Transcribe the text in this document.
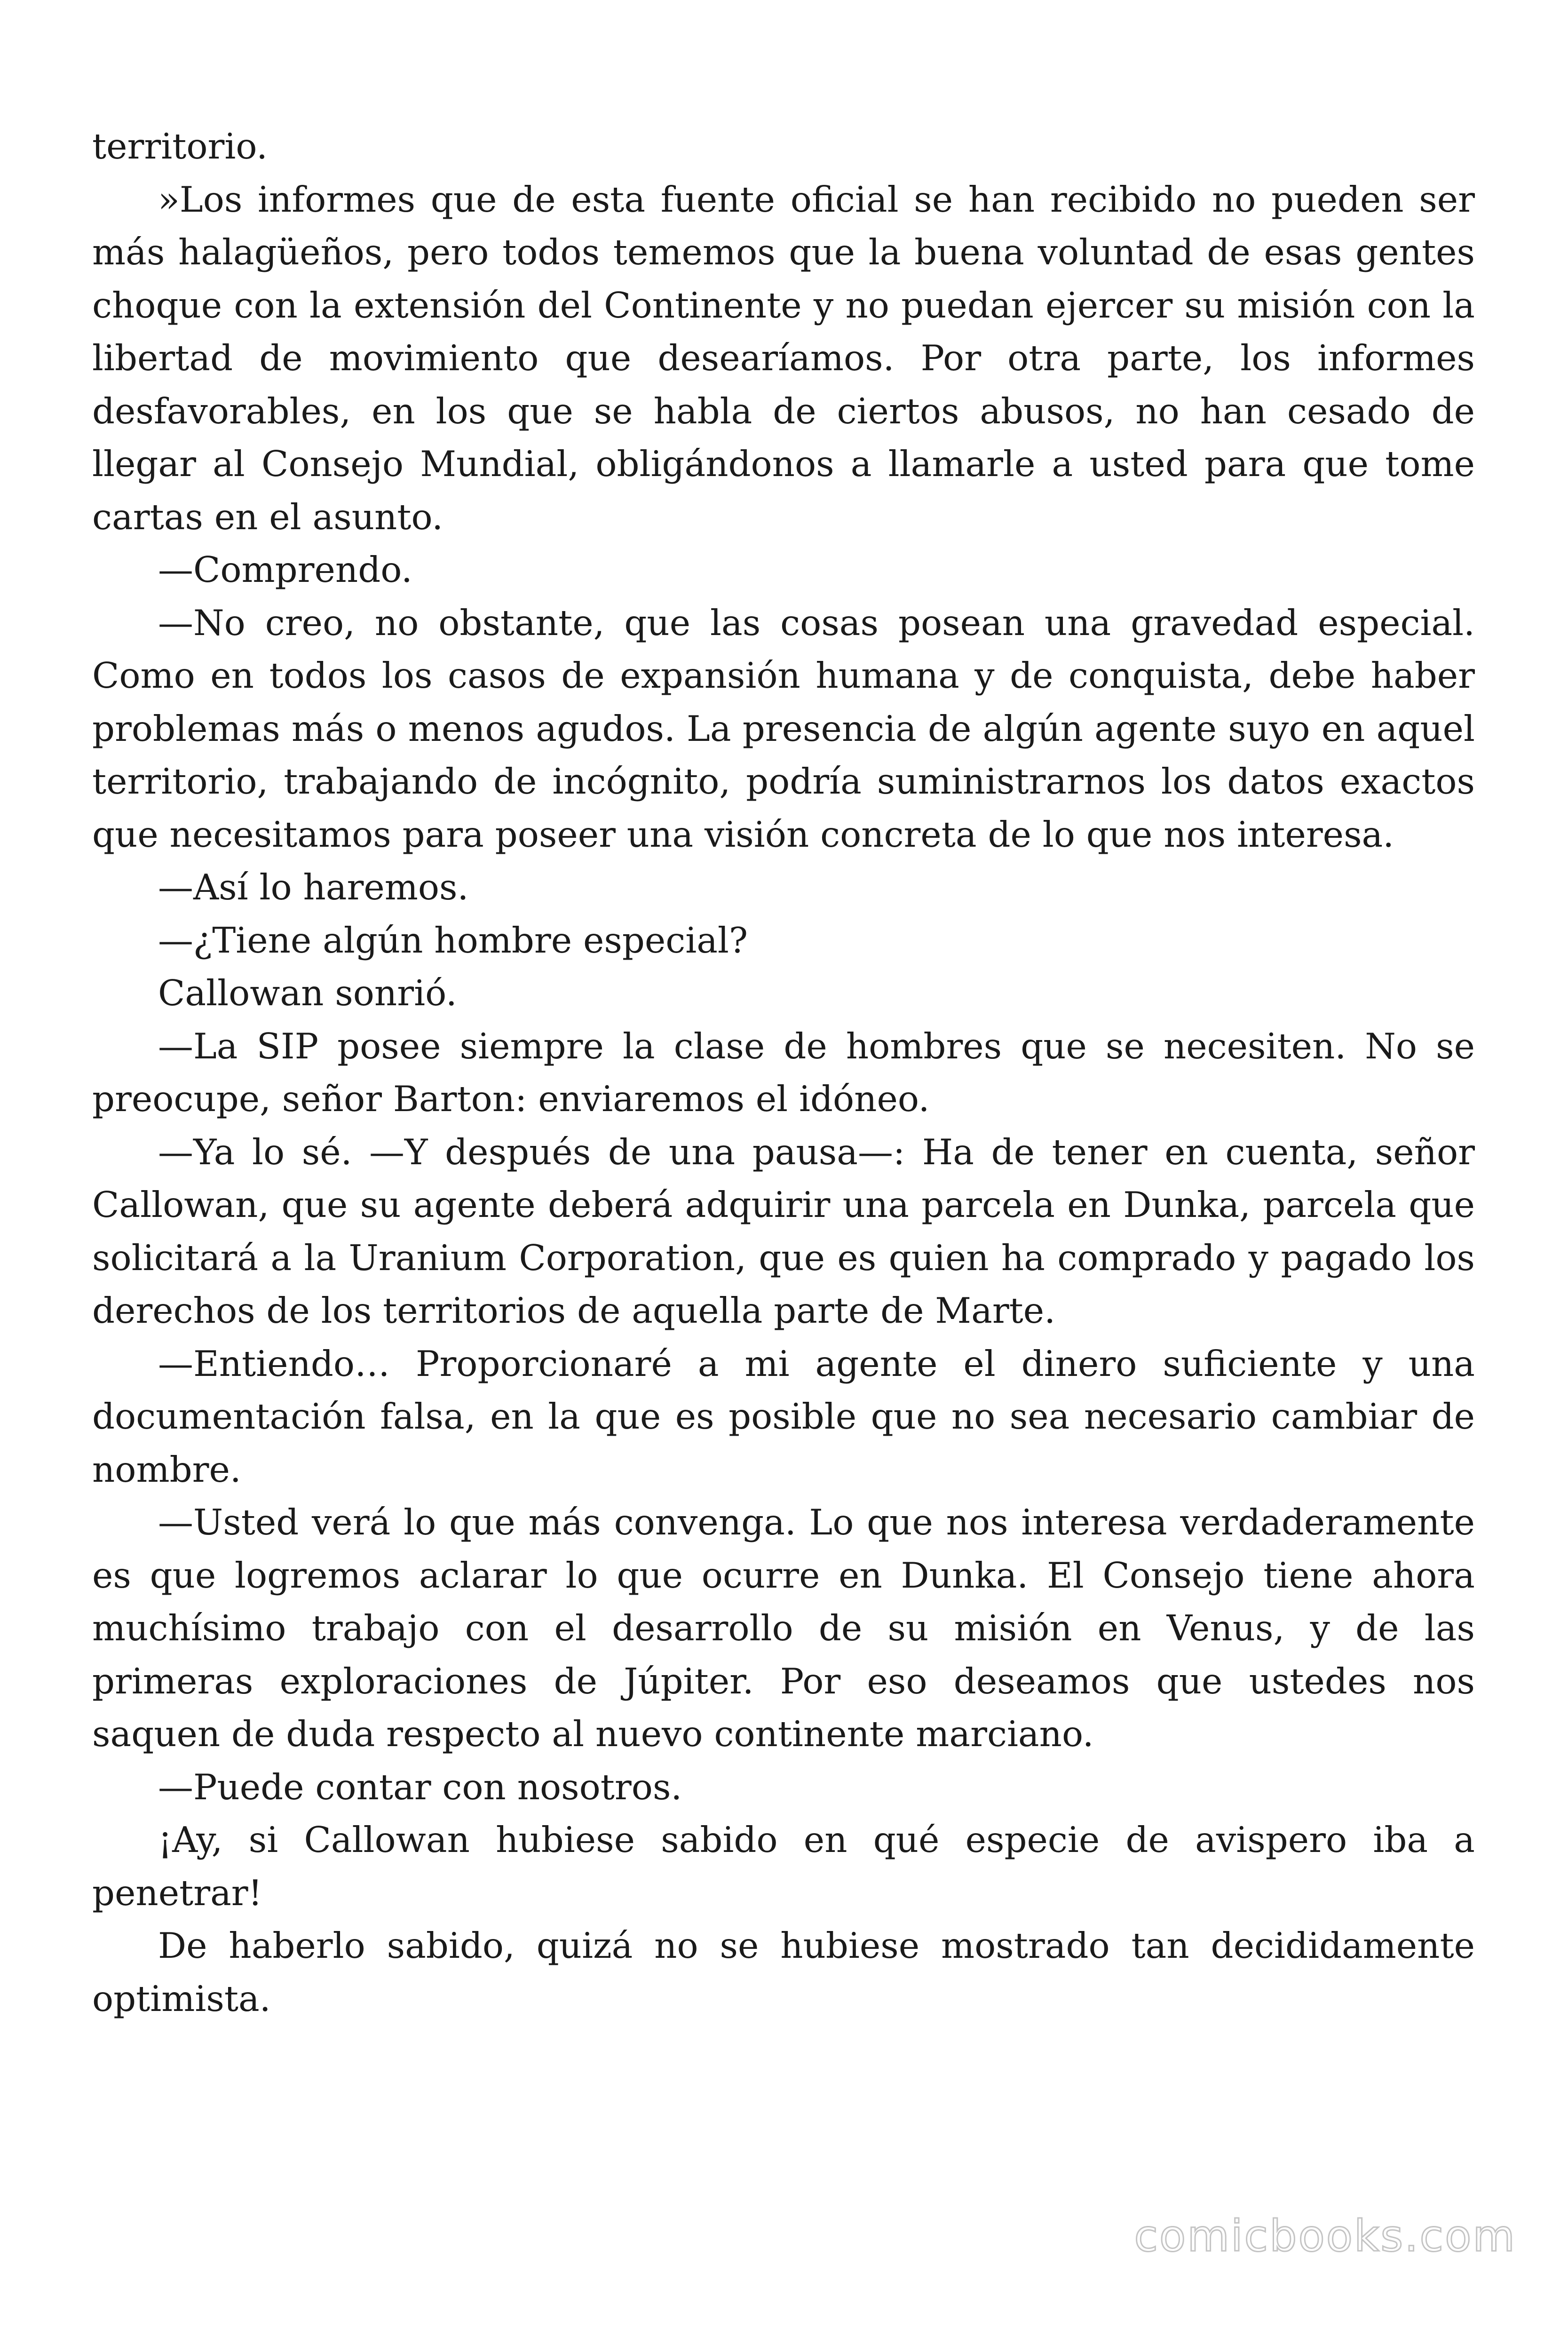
territorio.

»Los informes que de esta fuente oficial se han recibido no pueden ser más halagüeños, pero todos tememos que la buena voluntad de esas gentes choque con la extensión del Continente y no puedan ejercer su misión con la libertad de movimiento que desearíamos. Por otra parte, los informes desfavorables, en los que se habla de ciertos abusos, no han cesado de llegar al Consejo Mundial, obligándonos a llamarle a usted para que tome cartas en el asunto.

—Comprendo.

—No creo, no obstante, que las cosas posean una gravedad especial. Como en todos los casos de expansión humana y de conquista, debe haber problemas más o menos agudos. La presencia de algún agente suyo en aquel territorio, trabajando de incógnito, podría suministrarnos los datos exactos que necesitamos para poseer una visión concreta de lo que nos interesa.

—Así lo haremos.

—¿Tiene algún hombre especial?

Callowan sonrió.

—La SIP posee siempre la clase de hombres que se necesiten. No se preocupe, señor Barton: enviaremos el idóneo.

—Ya lo sé. —Y después de una pausa—: Ha de tener en cuenta, señor Callowan, que su agente deberá adquirir una parcela en Dunka, parcela que solicitará a la Uranium Corporation, que es quien ha comprado y pagado los derechos de los territorios de aquella parte de Marte.

—Entiendo… Proporcionaré a mi agente el dinero suficiente y una documentación falsa, en la que es posible que no sea necesario cambiar de nombre.

—Usted verá lo que más convenga. Lo que nos interesa verdaderamente es que logremos aclarar lo que ocurre en Dunka. El Consejo tiene ahora muchísimo trabajo con el desarrollo de su misión en Venus, y de las primeras exploraciones de Júpiter. Por eso deseamos que ustedes nos saquen de duda respecto al nuevo continente marciano.

—Puede contar con nosotros.

¡Ay, si Callowan hubiese sabido en qué especie de avispero iba a penetrar!

De haberlo sabido, quizá no se hubiese mostrado tan decididamente optimista.

comicbooks.com
